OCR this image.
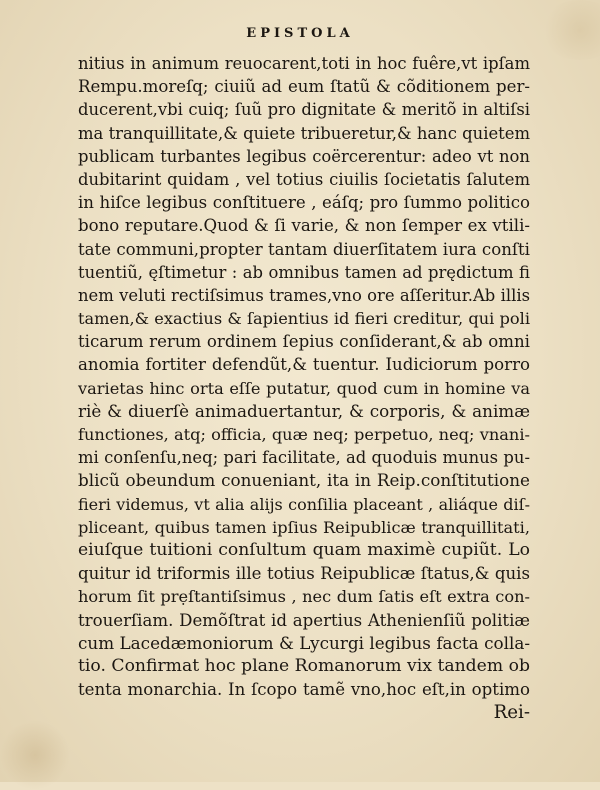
EPISTOLA
nitius in animum reuocarent,toti in hoc fuêre,vt ipſam
Rempu.moreſq; ciuiũ ad eum ſtatũ & cõditionem per-
ducerent,vbi cuiq; ſuũ pro dignitate & meritõ in altiſsi
ma tranquillitate,& quiete tribueretur,& hanc quietem
publicam turbantes legibus coërcerentur: adeo vt non
dubitarint quidam , vel totius ciuilis ſocietatis ſalutem
in hiſce legibus conſtituere , eáſq; pro ſummo politico
bono reputare.Quod & ſi varie, & non ſemper ex vtili-
tate communi,propter tantam diuerſitatem iura conſti
tuentiũ, ęſtimetur : ab omnibus tamen ad prędictum fi
nem veluti rectiſsimus trames,vno ore aſſeritur.Ab illis
tamen,& exactius & ſapientius id fieri creditur, qui poli
ticarum rerum ordinem ſepius conſiderant,& ab omni
anomia fortiter defendũt,& tuentur. Iudiciorum porro
varietas hinc orta eſſe putatur, quod cum in homine va
riè & diuerſè animaduertantur, & corporis, & animæ
functiones, atq; officia, quæ neq; perpetuo, neq; vnani-
mi conſenſu,neq; pari facilitate, ad quoduis munus pu-
blicũ obeundum conueniant, ita in Reip.conſtitutione
fieri videmus, vt alia alijs conſilia placeant , aliáque diſ-
pliceant, quibus tamen ipſius Reipublicæ tranquillitati,
eiuſque tuitioni conſultum quam maximè cupiũt. Lo
quitur id triformis ille totius Reipublicæ ſtatus,& quis
horum ſit prẹſtantiſsimus , nec dum ſatis eſt extra con-
trouerſiam. Demõſtrat id apertius Athenienſiũ politiæ
cum Lacedæmoniorum & Lycurgi legibus facta colla-
tio. Confirmat hoc plane Romanorum vix tandem ob
tenta monarchia. In ſcopo tamẽ vno,hoc eſt,in optimo
Rei-
